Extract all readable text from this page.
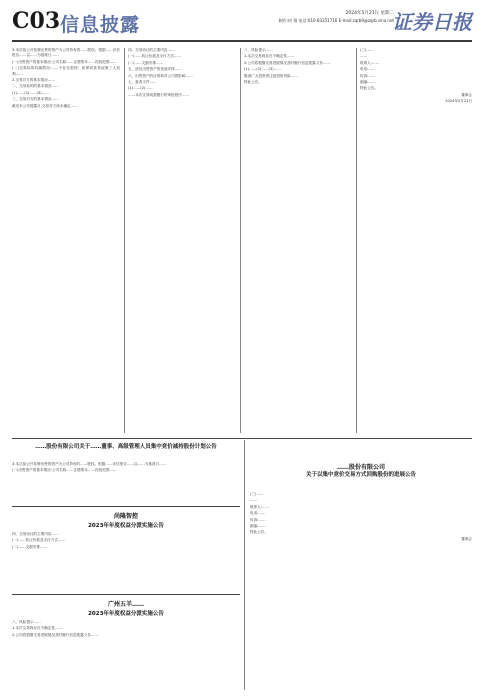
C03 信息披露
2024年5月21日 星期二
制作:何 翔 电话:010-83251716 E-mail:zqrb9@zqrb.sina.net
证券日报

3.本次拟公开挂牌出售的资产为公司持有的……股权。根据……评估报告……以……为基准日……

(一)出售资产的基本情况:公司名称……注册资本……经营范围……

(二)交易标的权属情况:……不存在抵押、质押或者其他第三人权利……

2.交易对方的基本情况……

二、交易标的的基本情况……

(1)……(2)……(3)……

三、交易对方的基本情况……

截至本公告披露日,交易对方尚未确定……

四、交易协议的主要内容……

(一)……转让价款及支付方式……

(二)……交割安排……

五、涉及出售资产的其他安排……

六、出售资产的目的和对公司的影响……

七、备查文件……

(1)……(2)……

……本次交易尚需履行的审批程序……

八、风险提示……

1.本次交易尚存在不确定性……

2.公司将根据交易进展情况及时履行信息披露义务……

(1)……(2)……(3)……

敬请广大投资者注意投资风险……

特此公告。

(三)……

……

联系人:……

电话:……

传真:……

邮编:……

特此公告。

董事会

2024年5月21日

……股份有限公司关于……董事、高级管理人员集中竞价减持股份计划公告

3.本次拟公开挂牌出售的资产为公司持有的……股权。根据……评估报告……以……为基准日……

(一)出售资产的基本情况:公司名称……注册资本……经营范围……

尚隆智控
2023年年度权益分派实施公告

四、交易协议的主要内容……

(一)……转让价款及支付方式……

(二)……交割安排……

广州五羊……
2023年年度权益分派实施公告

八、风险提示……

1.本次交易尚存在不确定性……

2.公司将根据交易进展情况及时履行信息披露义务……

……股份有限公司
关于以集中竞价交易方式回购股份的进展公告

(三)……

……

联系人:……

电话:……

传真:……

邮编:……

特此公告。

董事会
